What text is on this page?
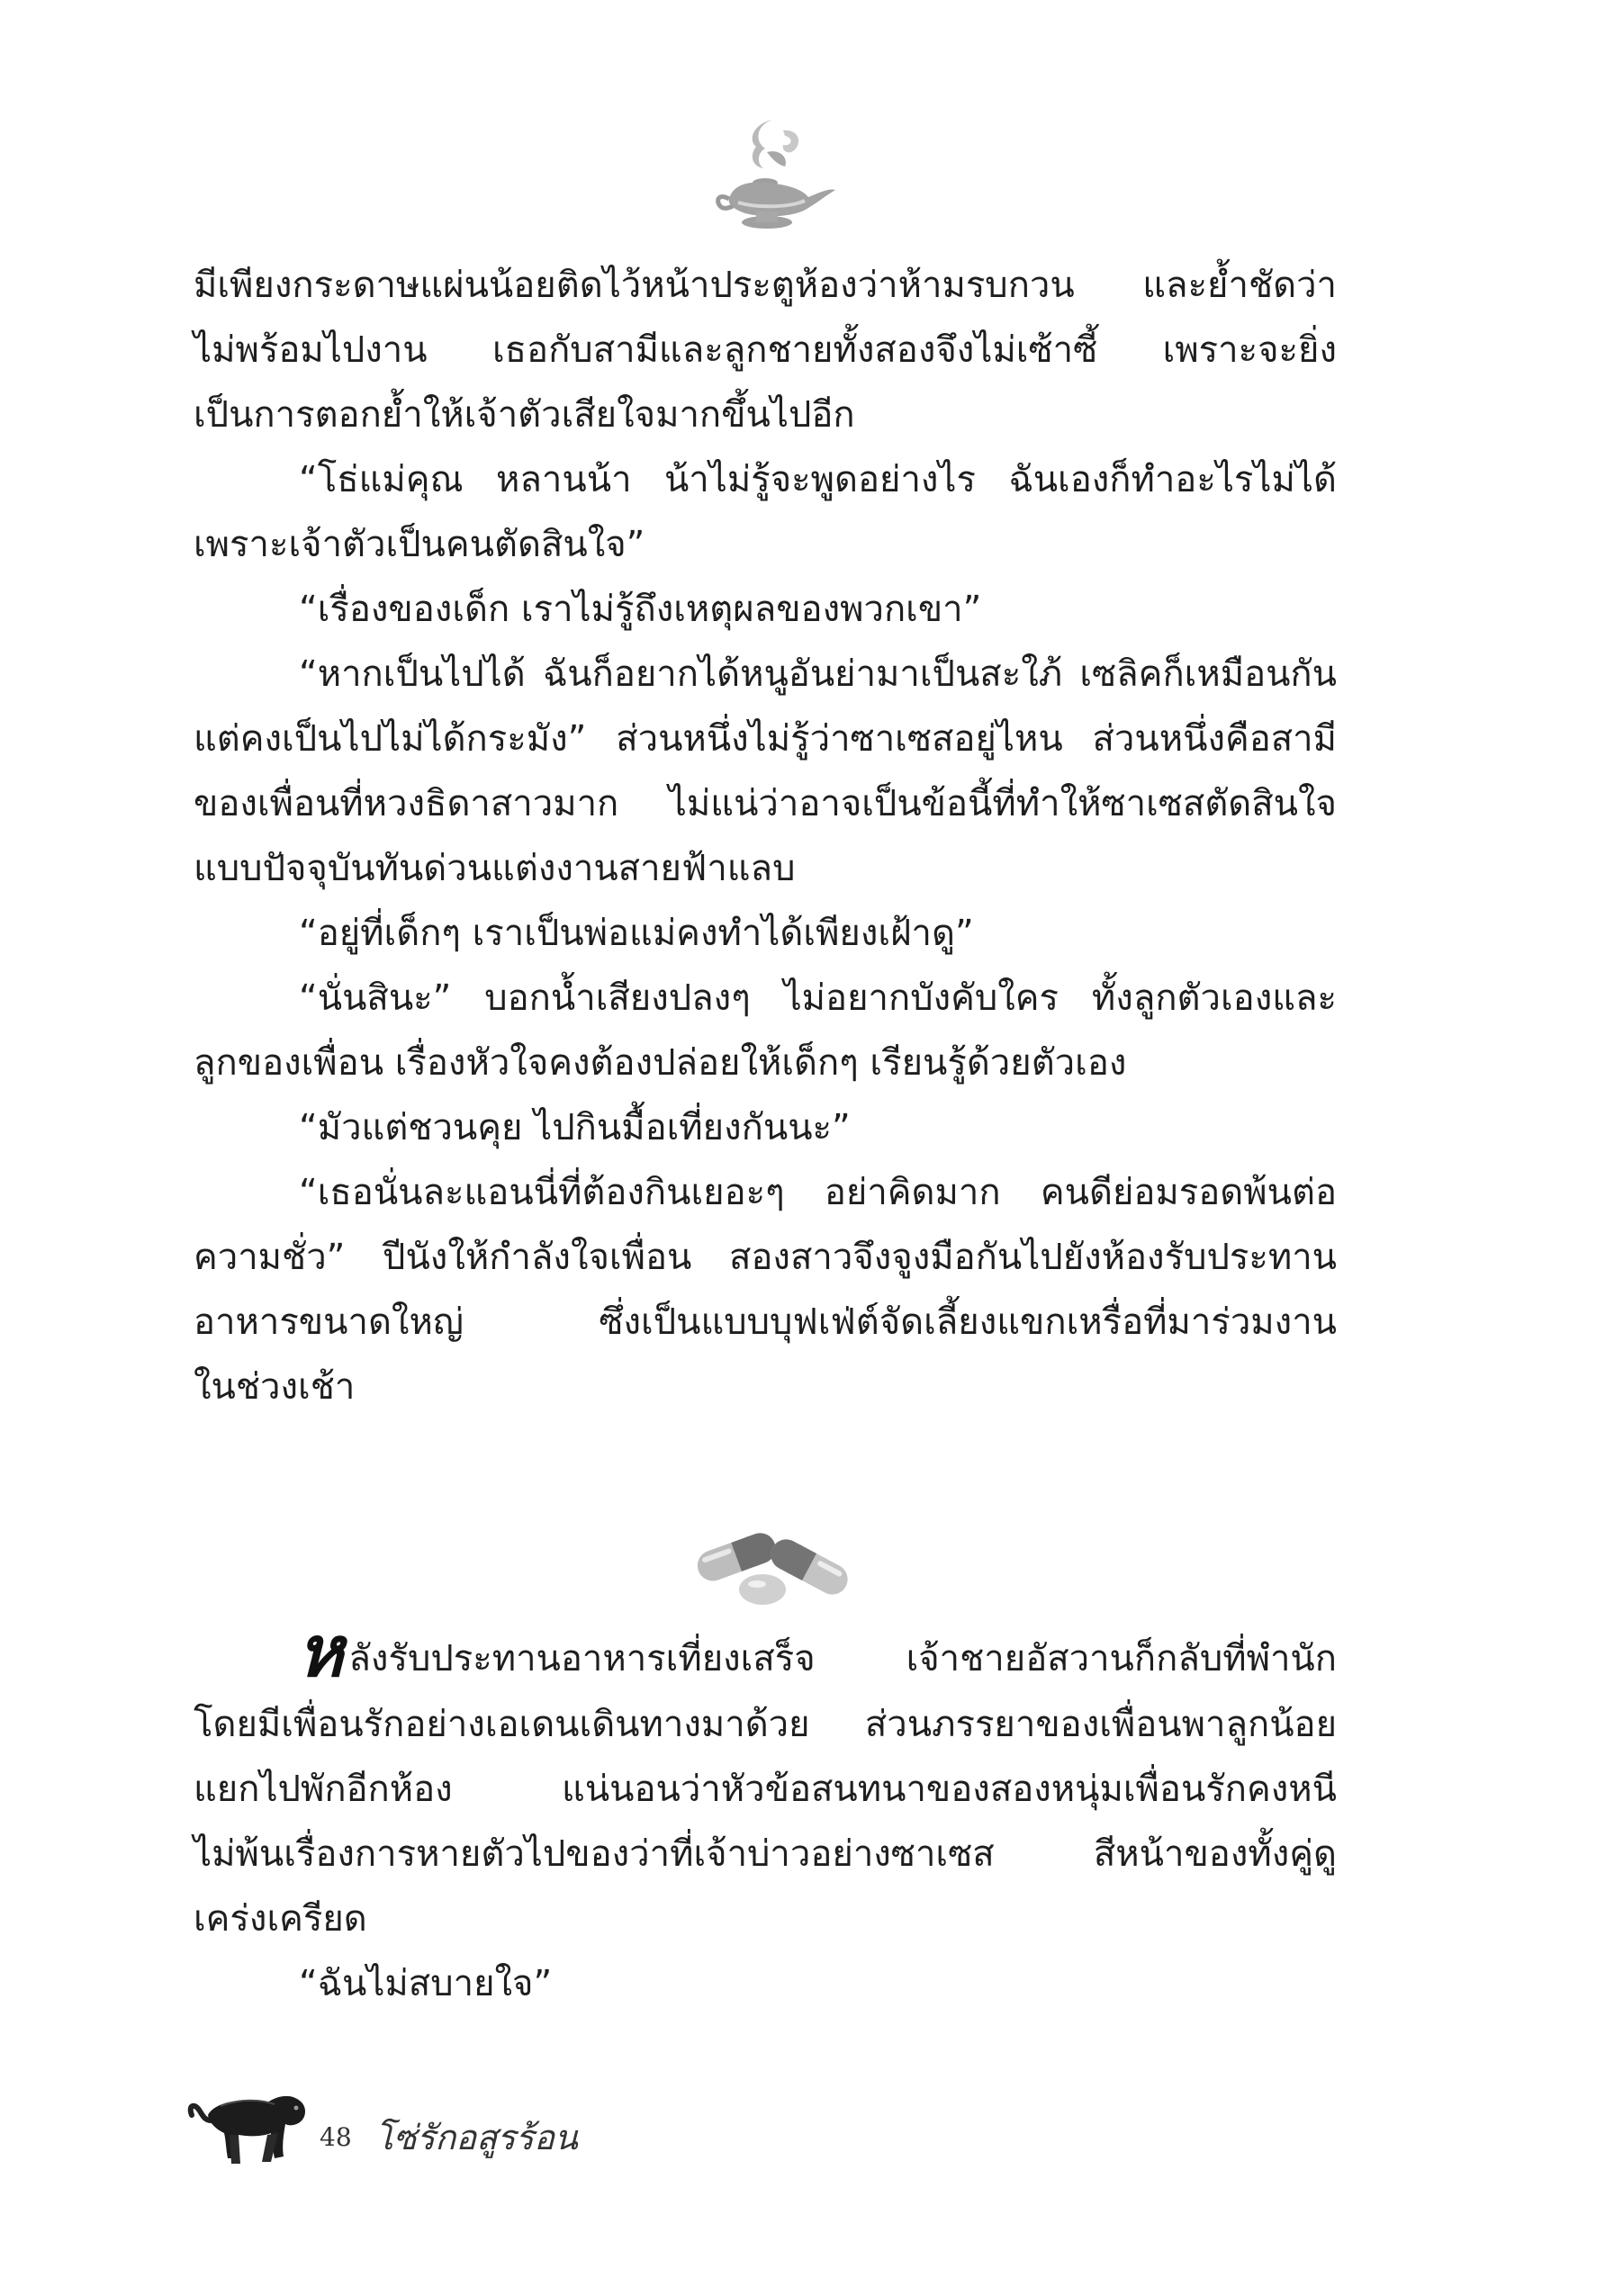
มีเพียงกระดาษแผ่นน้อยติดไว้หน้าประตูห้องว่าห้ามรบกวน และย้ำชัดว่า

ไม่พร้อมไปงาน เธอกับสามีและลูกชายทั้งสองจึงไม่เซ้าซี้ เพราะจะยิ่ง

เป็นการตอกย้ำให้เจ้าตัวเสียใจมากขึ้นไปอีก

“โธ่แม่คุณ หลานน้า น้าไม่รู้จะพูดอย่างไร ฉันเองก็ทำอะไรไม่ได้

เพราะเจ้าตัวเป็นคนตัดสินใจ”

“เรื่องของเด็ก เราไม่รู้ถึงเหตุผลของพวกเขา”

“หากเป็นไปได้ ฉันก็อยากได้หนูอันย่ามาเป็นสะใภ้ เซลิคก็เหมือนกัน

แต่คงเป็นไปไม่ได้กระมัง” ส่วนหนึ่งไม่รู้ว่าซาเซสอยู่ไหน ส่วนหนึ่งคือสามี

ของเพื่อนที่หวงธิดาสาวมาก ไม่แน่ว่าอาจเป็นข้อนี้ที่ทำให้ซาเซสตัดสินใจ

แบบปัจจุบันทันด่วนแต่งงานสายฟ้าแลบ

“อยู่ที่เด็กๆ เราเป็นพ่อแม่คงทำได้เพียงเฝ้าดู”

“นั่นสินะ” บอกน้ำเสียงปลงๆ ไม่อยากบังคับใคร ทั้งลูกตัวเองและ

ลูกของเพื่อน เรื่องหัวใจคงต้องปล่อยให้เด็กๆ เรียนรู้ด้วยตัวเอง

“มัวแต่ชวนคุย ไปกินมื้อเที่ยงกันนะ”

“เธอนั่นละแอนนี่ที่ต้องกินเยอะๆ อย่าคิดมาก คนดีย่อมรอดพ้นต่อ

ความชั่ว” ปีนังให้กำลังใจเพื่อน สองสาวจึงจูงมือกันไปยังห้องรับประทาน

อาหารขนาดใหญ่ ซึ่งเป็นแบบบุฟเฟ่ต์จัดเลี้ยงแขกเหรื่อที่มาร่วมงาน

ในช่วงเช้า

หลังรับประทานอาหารเที่ยงเสร็จ เจ้าชายอัสวานก็กลับที่พำนัก

โดยมีเพื่อนรักอย่างเอเดนเดินทางมาด้วย ส่วนภรรยาของเพื่อนพาลูกน้อย

แยกไปพักอีกห้อง แน่นอนว่าหัวข้อสนทนาของสองหนุ่มเพื่อนรักคงหนี

ไม่พ้นเรื่องการหายตัวไปของว่าที่เจ้าบ่าวอย่างซาเซส สีหน้าของทั้งคู่ดู

เคร่งเครียด

“ฉันไม่สบายใจ”

48 โซ่รักอสูรร้อน
